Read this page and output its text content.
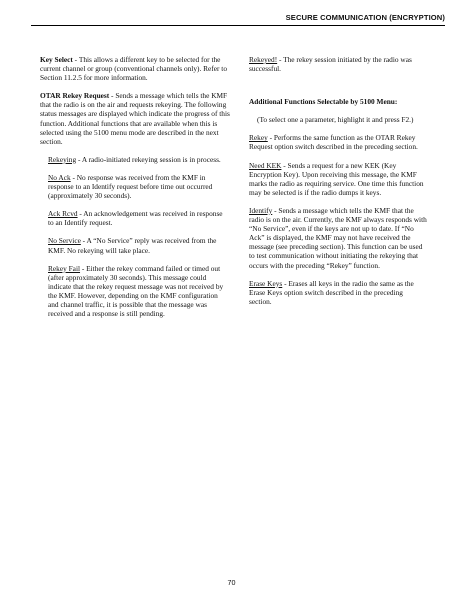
SECURE COMMUNICATION (ENCRYPTION)

Key Select - This allows a different key to be selected for the current channel or group (conventional channels only). Refer to Section 11.2.5 for more information.

OTAR Rekey Request - Sends a message which tells the KMF that the radio is on the air and requests rekeying. The following status messages are displayed which indicate the progress of this function. Additional functions that are available when this is selected using the 5100 menu mode are described in the next section.

Rekeying - A radio-initiated rekeying session is in process.

No Ack - No response was received from the KMF in response to an Identify request before time out occurred (approximately 30 seconds).

Ack Rcvd - An acknowledgement was received in response to an Identify request.

No Service - A “No Service” reply was received from the KMF. No rekeying will take place.

Rekey Fail - Either the rekey command failed or timed out (after approximately 30 seconds). This message could indicate that the rekey request message was not received by the KMF. However, depending on the KMF configuration and channel traffic, it is possible that the message was received and a response is still pending.

Rekeyed! - The rekey session initiated by the radio was successful.

Additional Functions Selectable by 5100 Menu:

(To select one a parameter, highlight it and press F2.)

Rekey - Performs the same function as the OTAR Rekey Request option switch described in the preceding section.

Need KEK - Sends a request for a new KEK (Key Encryption Key). Upon receiving this message, the KMF marks the radio as requiring service. One time this function may be selected is if the radio dumps it keys.

Identify - Sends a message which tells the KMF that the radio is on the air. Currently, the KMF always responds with “No Service”, even if the keys are not up to date. If “No Ack” is displayed, the KMF may not have received the message (see preceding section). This function can be used to test communication without initiating the rekeying that occurs with the preceding “Rekey” function.

Erase Keys - Erases all keys in the radio the same as the Erase Keys option switch described in the preceding section.

70
